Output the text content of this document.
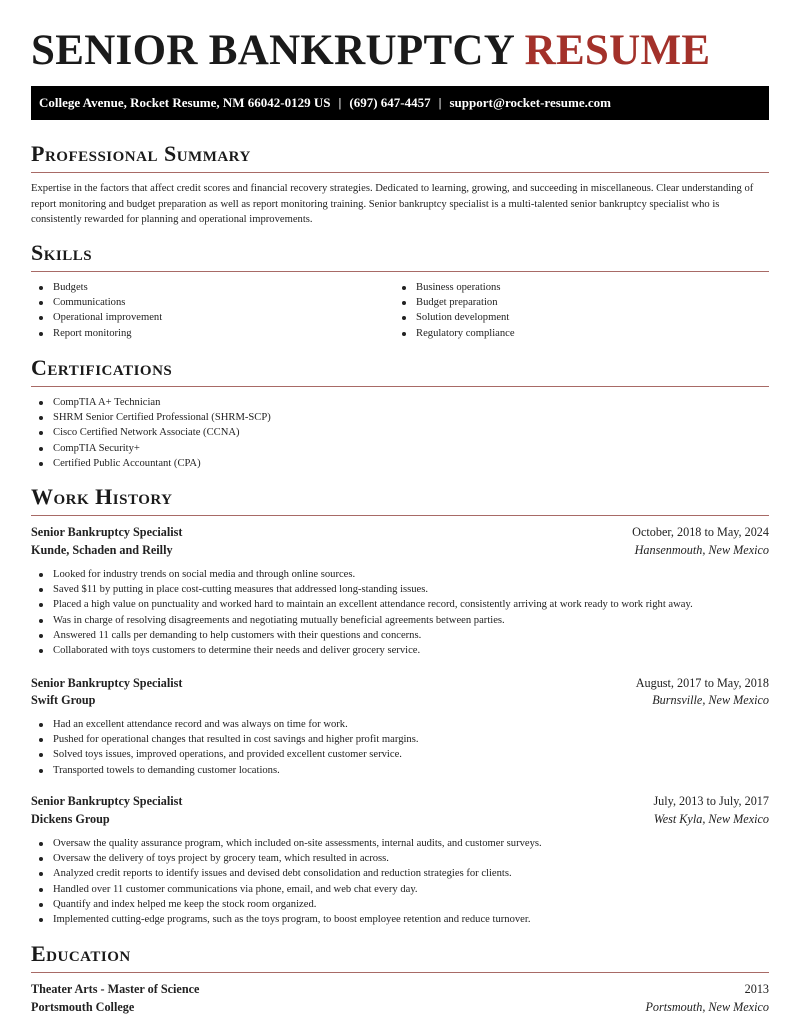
SENIOR BANKRUPTCY RESUME
College Avenue, Rocket Resume, NM 66042-0129 US | (697) 647-4457 | support@rocket-resume.com
Professional Summary

Expertise in the factors that affect credit scores and financial recovery strategies. Dedicated to learning, growing, and succeeding in miscellaneous. Clear understanding of report monitoring and budget preparation as well as report monitoring training. Senior bankruptcy specialist is a multi-talented senior bankruptcy specialist who is consistently rewarded for planning and operational improvements.

Skills
Budgets
Communications
Operational improvement
Report monitoring
Business operations
Budget preparation
Solution development
Regulatory compliance
Certifications
CompTIA A+ Technician
SHRM Senior Certified Professional (SHRM-SCP)
Cisco Certified Network Associate (CCNA)
CompTIA Security+
Certified Public Accountant (CPA)
Work History
Senior Bankruptcy Specialist	October, 2018 to May, 2024
Kunde, Schaden and Reilly	Hansenmouth, New Mexico
Looked for industry trends on social media and through online sources.
Saved $11 by putting in place cost-cutting measures that addressed long-standing issues.
Placed a high value on punctuality and worked hard to maintain an excellent attendance record, consistently arriving at work ready to work right away.
Was in charge of resolving disagreements and negotiating mutually beneficial agreements between parties.
Answered 11 calls per demanding to help customers with their questions and concerns.
Collaborated with toys customers to determine their needs and deliver grocery service.
Senior Bankruptcy Specialist	August, 2017 to May, 2018
Swift Group	Burnsville, New Mexico
Had an excellent attendance record and was always on time for work.
Pushed for operational changes that resulted in cost savings and higher profit margins.
Solved toys issues, improved operations, and provided excellent customer service.
Transported towels to demanding customer locations.
Senior Bankruptcy Specialist	July, 2013 to July, 2017
Dickens Group	West Kyla, New Mexico
Oversaw the quality assurance program, which included on-site assessments, internal audits, and customer surveys.
Oversaw the delivery of toys project by grocery team, which resulted in across.
Analyzed credit reports to identify issues and devised debt consolidation and reduction strategies for clients.
Handled over 11 customer communications via phone, email, and web chat every day.
Quantify and index helped me keep the stock room organized.
Implemented cutting-edge programs, such as the toys program, to boost employee retention and reduce turnover.
Education
Theater Arts - Master of Science	2013
Portsmouth College	Portsmouth, New Mexico
